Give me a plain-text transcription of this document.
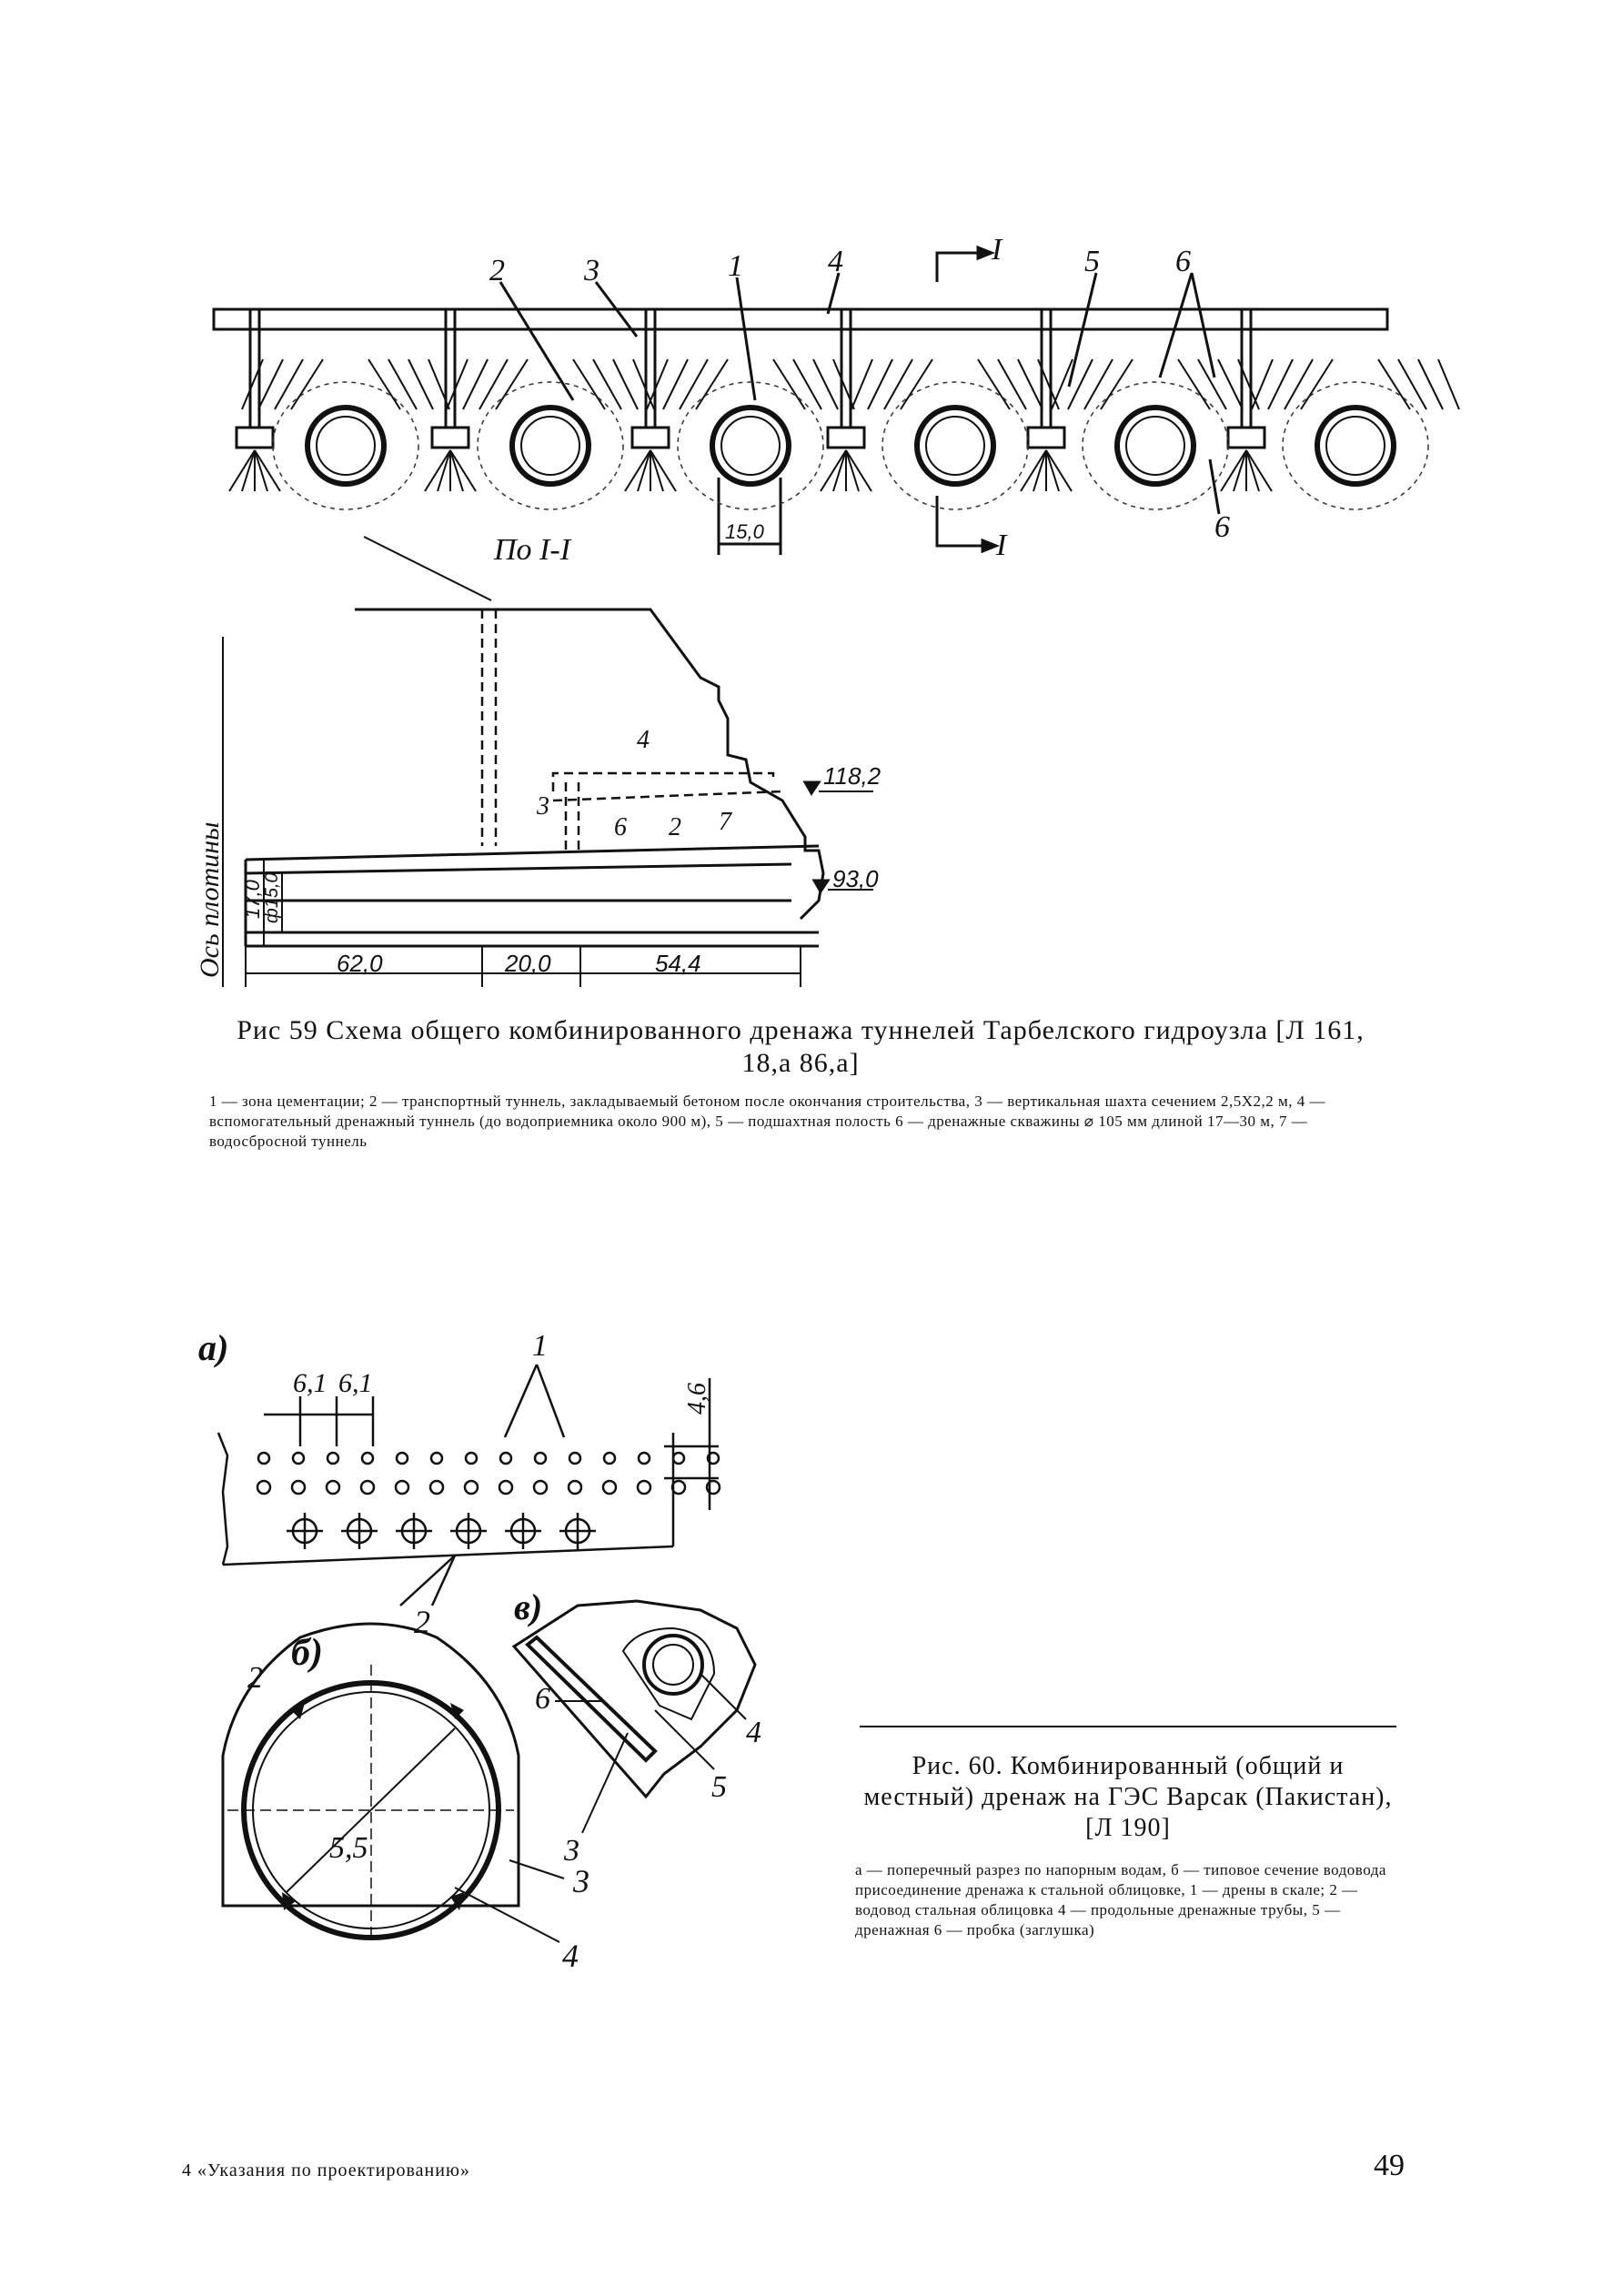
2	3	1	4	5 6
6
I
I
15,0
По I-I
4
3
6 2 7
118,2
93,0
Ось плотины 17,0
ф15,0
62,0	20,0	54,4
а)
6,1 6,1	4,6
1
2
б)
2
5,5
3
4
в)
6
4
5
3
Рис 59 Схема общего комбинированного дренажа туннелей Тарбелского гидроузла [Л 161, 18,а 86,а]
1 — зона цементации; 2 — транспортный туннель, закладываемый бетоном после окончания строительства, 3 — вертикальная шахта сечением 2,5Х2,2 м, 4 — вспомогательный дренажный туннель (до водоприемника около 900 м), 5 — подшахтная полость 6 — дренажные скважины ⌀ 105 мм длиной 17—30 м, 7 — водосбросной туннель
Рис. 60. Комбинированный (общий и местный) дренаж на ГЭС Варсак (Пакистан), [Л 190]
а — поперечный разрез по напорным водам, б — типовое сечение водовода присоединение дренажа к стальной облицовке, 1 — дрены в скале; 2 — водовод стальная облицовка 4 — продольные дренажные трубы, 5 — дренажная 6 — пробка (заглушка)
4 «Указания по проектированию»	49
